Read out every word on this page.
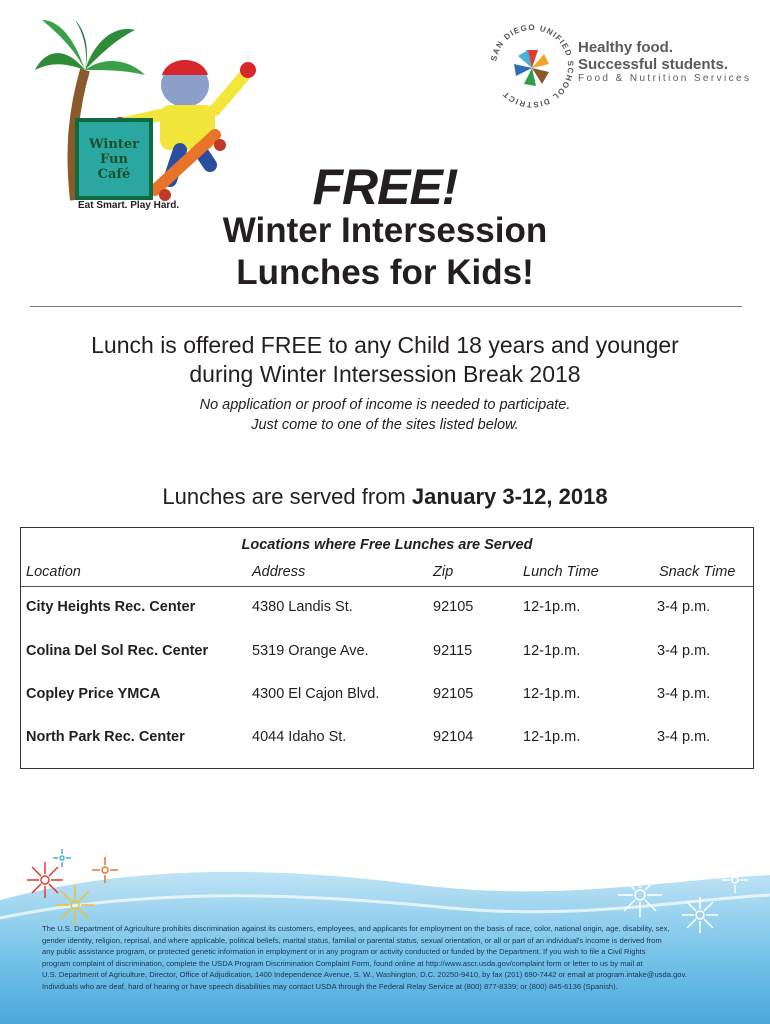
Winter
Fun
Café
Eat Smart. Play Hard.
SAN DIEGO UNIFIED SCHOOL DISTRICT
Healthy food.
Successful students.
Food & Nutrition Services
FREE!
Winter Intersession
Lunches for Kids!
Lunch is offered FREE to any Child 18 years and younger
during Winter Intersession Break 2018
No application or proof of income is needed to participate.
Just come to one of the sites listed below.
Lunches are served from January 3-12, 2018
Locations where Free Lunches are Served
Location	Address	Zip	Lunch Time	Snack Time
City Heights Rec. Center	4380 Landis St.	92105	12-1p.m.	3-4 p.m.
Colina Del Sol Rec. Center	5319 Orange Ave.	92115	12-1p.m.	3-4 p.m.
Copley Price YMCA	4300 El Cajon Blvd.	92105	12-1p.m.	3-4 p.m.
North Park Rec. Center	4044 Idaho St.	92104	12-1p.m.	3-4 p.m.
The U.S. Department of Agriculture prohibits discrimination against its customers, employees, and applicants for employment on the basis of race, color, national origin, age, disability, sex,
gender identity, religion, reprisal, and where applicable, political beliefs, marital status, familial or parental status, sexual orientation, or all or part of an individual's income is derived from
any public assistance program, or protected genetic information in employment or in any program or activity conducted or funded by the Department. If you wish to file a Civil Rights
program complaint of discrimination, complete the USDA Program Discrimination Complaint Form, found online at http://www.ascr.usda.gov/complaint form or letter to us by mail at
U.S. Department of Agriculture, Director, Office of Adjudication, 1400 Independence Avenue, S. W., Washington, D.C. 20250-9410, by fax (201) 690-7442 or email at program.intake@usda.gov.
Individuals who are deaf, hard of hearing or have speech disabilities may contact USDA through the Federal Relay Service at (800) 877-8339; or (800) 845-6136 (Spanish).
